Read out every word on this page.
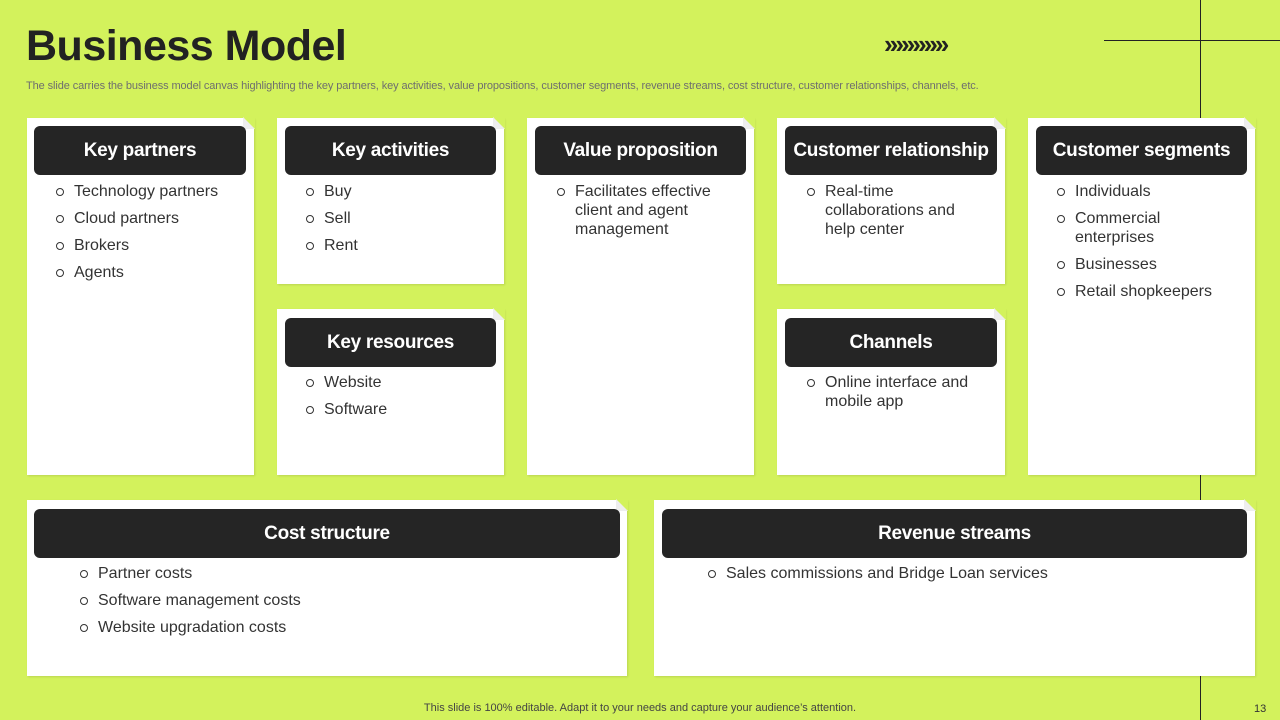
Business Model	›››››››››››
The slide carries the business model canvas highlighting the key partners, key activities, value propositions, customer segments, revenue streams, cost structure, customer relationships, channels, etc.
Key partners
Technology partners
Cloud partners
Brokers
Agents
Key activities
Buy
Sell
Rent
Key resources
Website
Software
Value proposition
Facilitates effective client and agent management
Customer relationship
Real-time collaborations and help center
Channels
Online interface and mobile app
Customer segments
Individuals
Commercial enterprises
Businesses
Retail shopkeepers
Cost structure
Partner costs
Software management costs
Website upgradation costs
Revenue streams
Sales commissions and Bridge Loan services
This slide is 100% editable. Adapt it to your needs and capture your audience’s attention.	13
